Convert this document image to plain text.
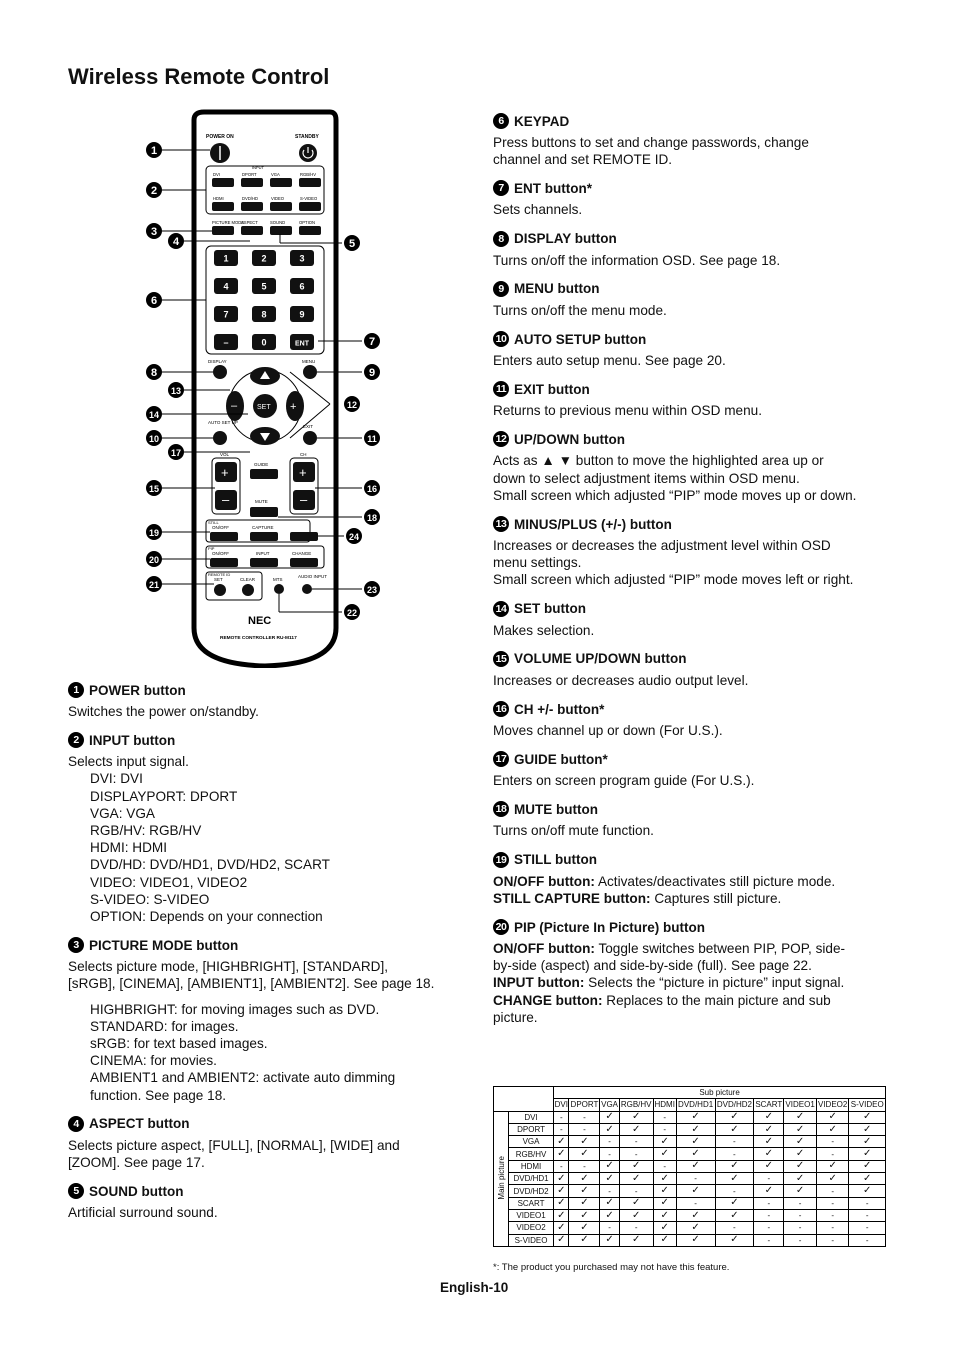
Wireless Remote Control
POWER ON	STANDBY
INPUT
DVI	DPORT	VGA	RGB/HV
HDMI	DVD/HD	VIDEO	S-VIDEO
PICTURE MODE
ASPECT	SOUND	OPTION
1	2	3
4	5	6
7	8	9
–	0	ENT
DISPLAY	MENU
–	+
SET
AUTO SET UP
EXIT
VOL	CH
+
–
+
–
GUIDE
MUTE
STILL
ON/OFF	CAPTURE
PIP
ON/OFF	INPUT	CHANGE
REMOTE ID
SET	CLEAR	MTS
AUDIO INPUT
NEC
REMOTE CONTROLLER RU-M117
1
2
3
4	5
6
7
8	9
10	11
12
13
14
15	16
17
18
19
20
21
22
23
24
1 POWER button

Switches the power on/standby.

2 INPUT button

Selects input signal.

DVI: DVI

DISPLAYPORT: DPORT

VGA: VGA

RGB/HV: RGB/HV

HDMI: HDMI

DVD/HD: DVD/HD1, DVD/HD2, SCART

VIDEO: VIDEO1, VIDEO2

S-VIDEO: S-VIDEO

OPTION: Depends on your connection

3 PICTURE MODE button

Selects picture mode, [HIGHBRIGHT], [STANDARD],

[sRGB], [CINEMA], [AMBIENT1], [AMBIENT2]. See page 18.

HIGHBRIGHT: for moving images such as DVD.

STANDARD: for images.

sRGB: for text based images.

CINEMA: for movies.

AMBIENT1 and AMBIENT2: activate auto dimming

function. See page 18.

4 ASPECT button

Selects picture aspect, [FULL], [NORMAL], [WIDE] and

[ZOOM]. See page 17.

5 SOUND button

Artificial surround sound.

6 KEYPAD

Press buttons to set and change passwords, change

channel and set REMOTE ID.

7 ENT button*

Sets channels.

8 DISPLAY button

Turns on/off the information OSD. See page 18.

9 MENU button

Turns on/off the menu mode.

10 AUTO SETUP button

Enters auto setup menu. See page 20.

11 EXIT button

Returns to previous menu within OSD menu.

12 UP/DOWN button

Acts as ▲ ▼ button to move the highlighted area up or

down to select adjustment items within OSD menu.

Small screen which adjusted “PIP” mode moves up or down.

13 MINUS/PLUS (+/-) button

Increases or decreases the adjustment level within OSD

menu settings.

Small screen which adjusted “PIP” mode moves left or right.

14 SET button

Makes selection.

15 VOLUME UP/DOWN button

Increases or decreases audio output level.

16 CH +/- button*

Moves channel up or down (For U.S.).

17 GUIDE button*

Enters on screen program guide (For U.S.).

18 MUTE button

Turns on/off mute function.

19 STILL button

ON/OFF button: Activates/deactivates still picture mode.

STILL CAPTURE button: Captures still picture.

20 PIP (Picture In Picture) button

ON/OFF button: Toggle switches between PIP, POP, side-

by-side (aspect) and side-by-side (full). See page 22.

INPUT button: Selects the “picture in picture” input signal.

CHANGE button: Replaces to the main picture and sub

picture.

		Sub picture										
		DVI	DPORT	VGA	RGB/HV	HDMI	DVD/HD1	DVD/HD2	SCART	VIDEO1	VIDEO2	S-VIDEO
Main picture	DVI	-	-	✓	✓	-	✓	✓	✓	✓	✓	✓
	DPORT	-	-	✓	✓	-	✓	✓	✓	✓	✓	✓
	VGA	✓	✓	-	-	✓	✓	-	✓	✓	-	✓
	RGB/HV	✓	✓	-	-	✓	✓	-	✓	✓	-	✓
	HDMI	-	-	✓	✓	-	✓	✓	✓	✓	✓	✓
	DVD/HD1	✓	✓	✓	✓	✓	-	✓	-	✓	✓	✓
	DVD/HD2	✓	✓	-	-	✓	✓	-	✓	✓	-	✓
	SCART	✓	✓	✓	✓	✓	-	✓	-	-	-	-
	VIDEO1	✓	✓	✓	✓	✓	✓	✓	-	-	-	-
	VIDEO2	✓	✓	-	-	✓	✓	-	-	-	-	-
	S-VIDEO	✓	✓	✓	✓	✓	✓	✓	-	-	-	-
*: The product you purchased may not have this feature.
English-10
